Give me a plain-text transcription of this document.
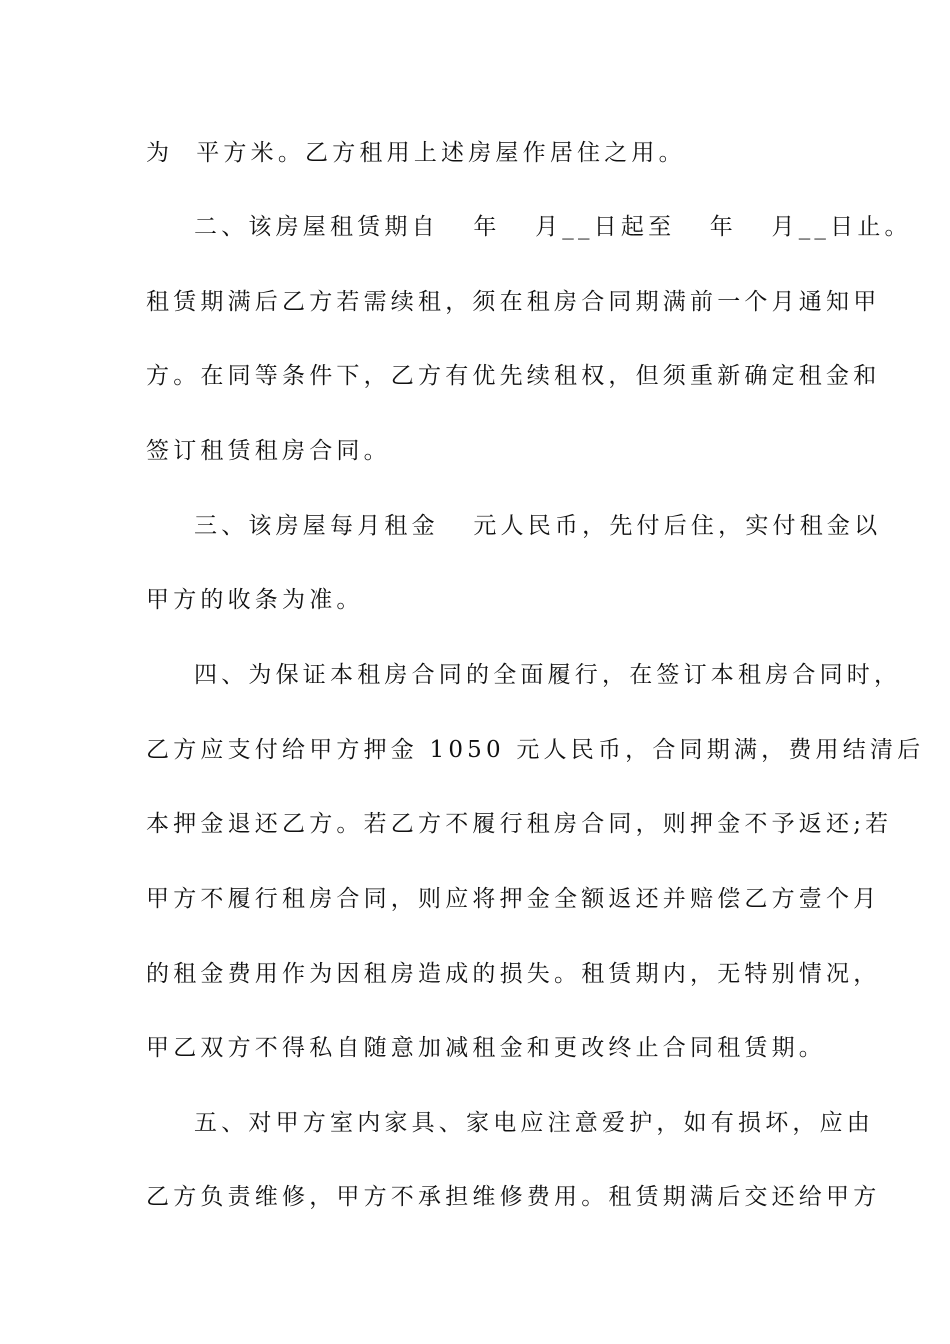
为  平方米。乙方租用上述房屋作居住之用。
二、该房屋租赁期自   年   月__日起至   年   月__日止。
租赁期满后乙方若需续租，须在租房合同期满前一个月通知甲
方。在同等条件下，乙方有优先续租权，但须重新确定租金和
签订租赁租房合同。
三、该房屋每月租金   元人民币，先付后住，实付租金以
甲方的收条为准。
四、为保证本租房合同的全面履行，在签订本租房合同时，
乙方应支付给甲方押金 1050 元人民币，合同期满，费用结清后
本押金退还乙方。若乙方不履行租房合同，则押金不予返还;若
甲方不履行租房合同，则应将押金全额返还并赔偿乙方壹个月
的租金费用作为因租房造成的损失。租赁期内，无特别情况，
甲乙双方不得私自随意加减租金和更改终止合同租赁期。
五、对甲方室内家具、家电应注意爱护，如有损坏，应由
乙方负责维修，甲方不承担维修费用。租赁期满后交还给甲方
